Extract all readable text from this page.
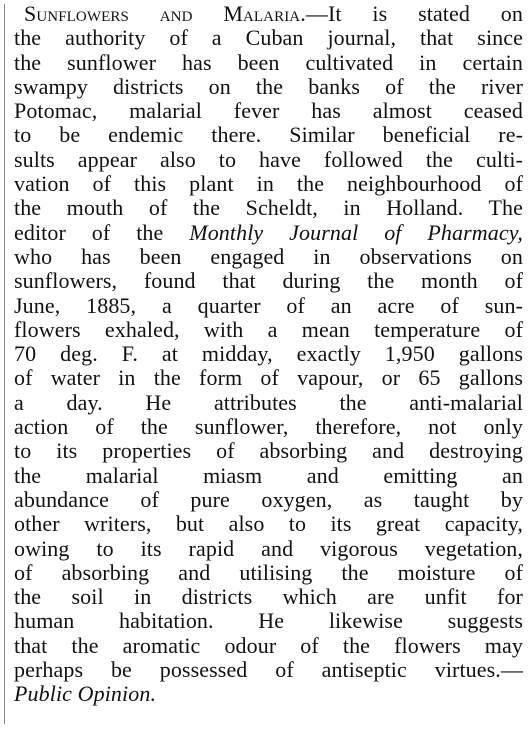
Sunflowers and Malaria.—It is stated on
the authority of a Cuban journal, that since
the sunflower has been cultivated in certain
swampy districts on the banks of the river
Potomac, malarial fever has almost ceased
to be endemic there. Similar beneficial re-
sults appear also to have followed the culti-
vation of this plant in the neighbourhood of
the mouth of the Scheldt, in Holland. The
editor of the Monthly Journal of Pharmacy,
who has been engaged in observations on
sunflowers, found that during the month of
June, 1885, a quarter of an acre of sun-
flowers exhaled, with a mean temperature of
70 deg. F. at midday, exactly 1,950 gallons
of water in the form of vapour, or 65 gallons
a day. He attributes the anti-malarial
action of the sunflower, therefore, not only
to its properties of absorbing and destroying
the malarial miasm and emitting an
abundance of pure oxygen, as taught by
other writers, but also to its great capacity,
owing to its rapid and vigorous vegetation,
of absorbing and utilising the moisture of
the soil in districts which are unfit for
human habitation. He likewise suggests
that the aromatic odour of the flowers may
perhaps be possessed of antiseptic virtues.—
Public Opinion.
